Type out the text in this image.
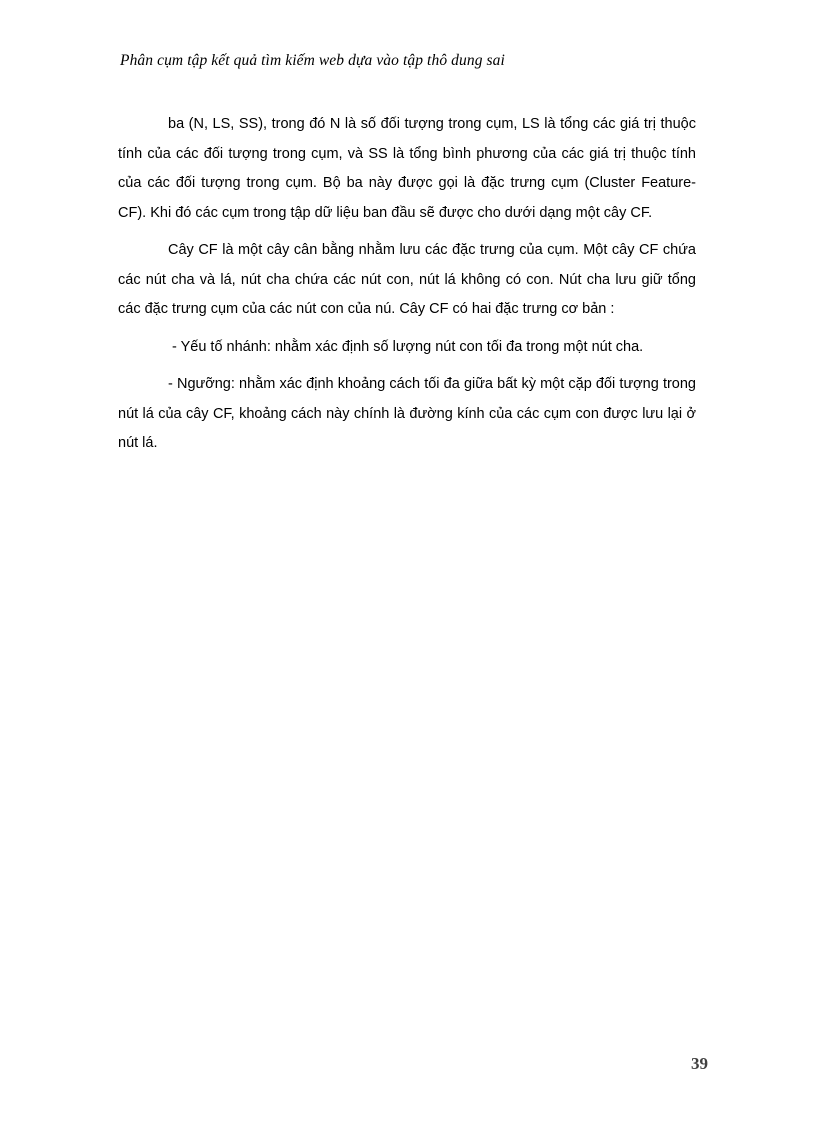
Phân cụm tập kết quả tìm kiếm web dựa vào tập thô dung sai

ba (N, LS, SS), trong đó N là số đối tượng trong cụm, LS là tổng các giá trị thuộc tính của các đối tượng trong cụm, và SS là tổng bình phương của các giá trị thuộc tính của các đối tượng trong cụm. Bộ ba này được gọi là đặc trưng cụm (Cluster Feature- CF). Khi đó các cụm trong tập dữ liệu ban đầu sẽ được cho dưới dạng một cây CF.

Cây CF là một cây cân bằng nhằm lưu các đặc trưng của cụm. Một cây CF chứa các nút cha và lá, nút cha chứa các nút con, nút lá không có con. Nút cha lưu giữ tổng các đặc trưng cụm của các nút con của nú. Cây CF có hai đặc trưng cơ bản :

- Yếu tố nhánh: nhằm xác định số lượng nút con tối đa trong một nút cha.

- Ngưỡng: nhằm xác định khoảng cách tối đa giữa bất kỳ một cặp đối tượng trong nút lá của cây CF, khoảng cách này chính là đường kính của các cụm con được lưu lại ở nút lá.

39
